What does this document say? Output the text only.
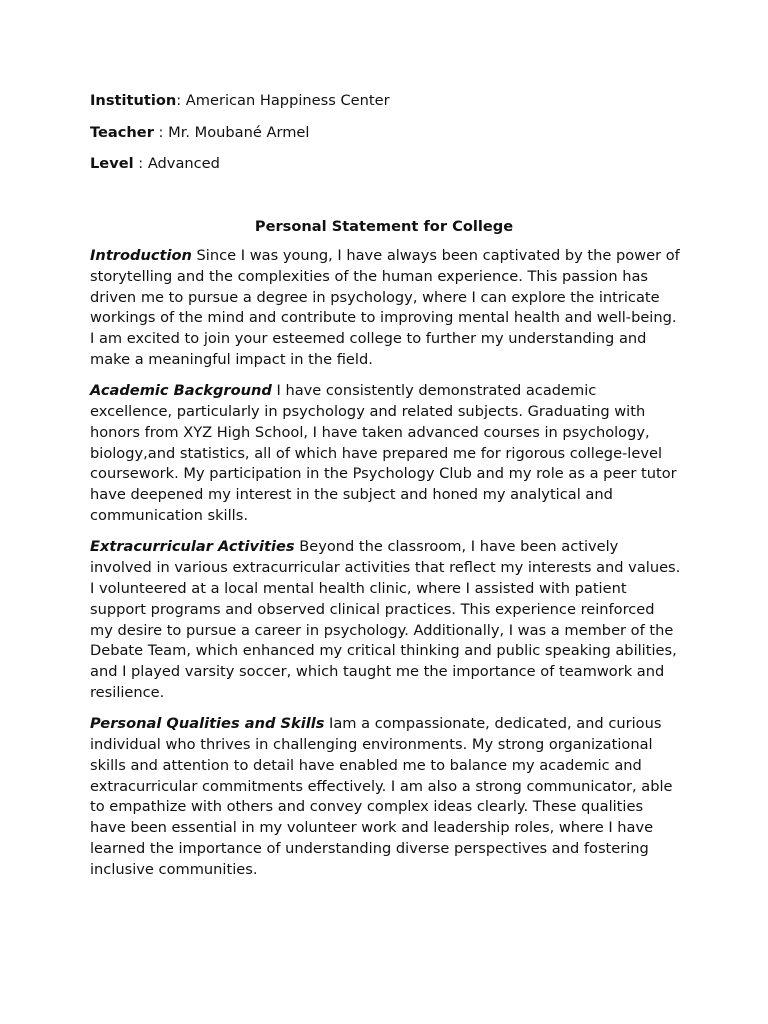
Institution: American Happiness Center
Teacher : Mr. Moubané Armel
Level : Advanced
Personal Statement for College

Introduction Since I was young, I have always been captivated by the power of storytelling and the complexities of the human experience. This passion has driven me to pursue a degree in psychology, where I can explore the intricate workings of the mind and contribute to improving mental health and well-being. I am excited to join your esteemed college to further my understanding and make a meaningful impact in the field.

Academic Background I have consistently demonstrated academic excellence, particularly in psychology and related subjects. Graduating with honors from XYZ High School, I have taken advanced courses in psychology, biology,and statistics, all of which have prepared me for rigorous college-level coursework. My participation in the Psychology Club and my role as a peer tutor have deepened my interest in the subject and honed my analytical and communication skills.

Extracurricular Activities Beyond the classroom, I have been actively involved in various extracurricular activities that reflect my interests and values. I volunteered at a local mental health clinic, where I assisted with patient support programs and observed clinical practices. This experience reinforced my desire to pursue a career in psychology. Additionally, I was a member of the Debate Team, which enhanced my critical thinking and public speaking abilities, and I played varsity soccer, which taught me the importance of teamwork and resilience.

Personal Qualities and Skills Iam a compassionate, dedicated, and curious individual who thrives in challenging environments. My strong organizational skills and attention to detail have enabled me to balance my academic and extracurricular commitments effectively. I am also a strong communicator, able to empathize with others and convey complex ideas clearly. These qualities have been essential in my volunteer work and leadership roles, where I have learned the importance of understanding diverse perspectives and fostering inclusive communities.
